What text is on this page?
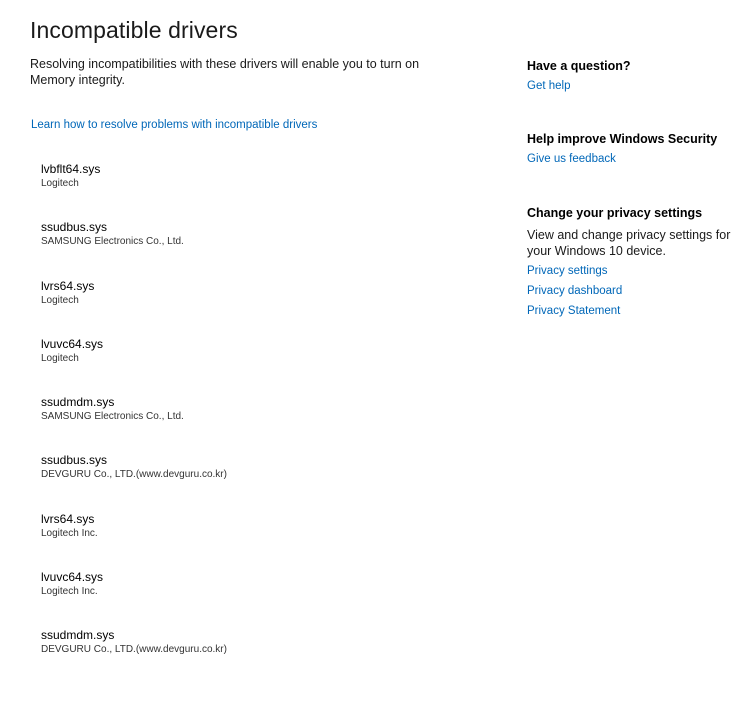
Incompatible drivers

Resolving incompatibilities with these drivers will enable you to turn on Memory integrity.

Learn how to resolve problems with incompatible drivers
lvbflt64.sys
Logitech
ssudbus.sys
SAMSUNG Electronics Co., Ltd.
lvrs64.sys
Logitech
lvuvc64.sys
Logitech
ssudmdm.sys
SAMSUNG Electronics Co., Ltd.
ssudbus.sys
DEVGURU Co., LTD.(www.devguru.co.kr)
lvrs64.sys
Logitech Inc.
lvuvc64.sys
Logitech Inc.
ssudmdm.sys
DEVGURU Co., LTD.(www.devguru.co.kr)
Have a question?
Get help
Help improve Windows Security
Give us feedback
Change your privacy settings

View and change privacy settings for your Windows 10 device.

Privacy settings
Privacy dashboard
Privacy Statement
